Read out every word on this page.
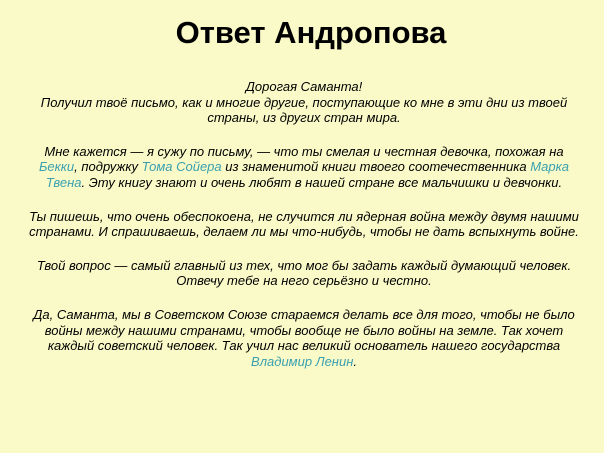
Ответ Андропова

Дорогая Саманта!

Получил твоё письмо, как и многие другие, поступающие ко мне в эти дни из твоей страны, из других стран мира.

Мне кажется — я сужу по письму, — что ты смелая и честная девочка, похожая на Бекки, подружку Тома Сойера из знаменитой книги твоего соотечественника Марка Твена. Эту книгу знают и очень любят в нашей стране все мальчишки и девчонки.

Ты пишешь, что очень обеспокоена, не случится ли ядерная война между двумя нашими странами. И спрашиваешь, делаем ли мы что-нибудь, чтобы не дать вспыхнуть войне.

Твой вопрос — самый главный из тех, что мог бы задать каждый думающий человек. Отвечу тебе на него серьёзно и честно.

Да, Саманта, мы в Советском Союзе стараемся делать все для того, чтобы не было войны между нашими странами, чтобы вообще не было войны на земле. Так хочет каждый советский человек. Так учил нас великий основатель нашего государства Владимир Ленин.
